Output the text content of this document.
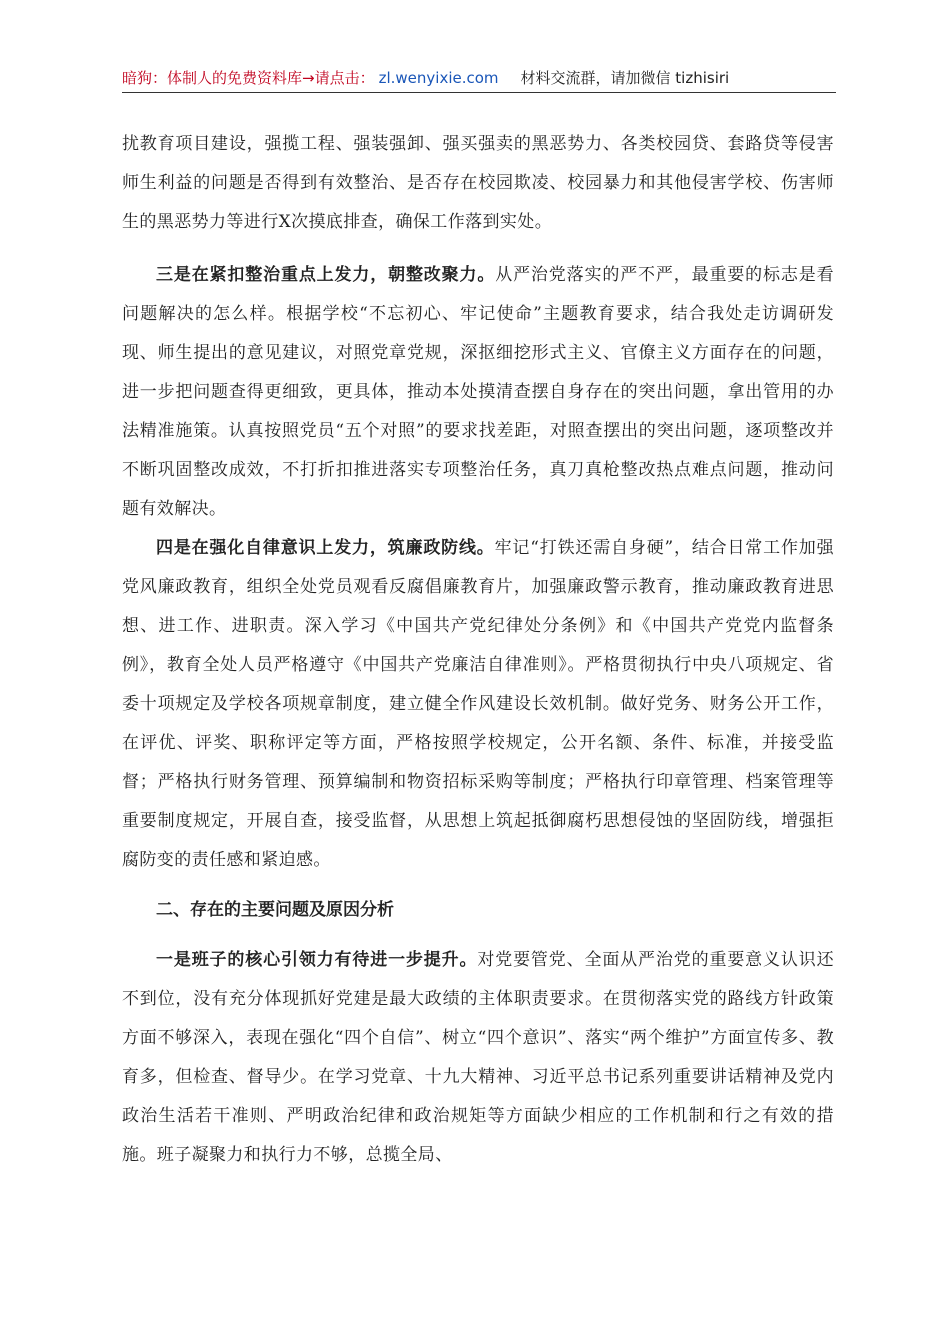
暗狗：体制人的免费资料库 →请点击： zl.wenyixie.com 材料交流群，请加微信 tizhisiri

扰教育项目建设，强揽工程、强装强卸、强买强卖的黑恶势力、各类校园贷、套路贷等侵害师生利益的问题是否得到有效整治、是否存在校园欺凌、校园暴力和其他侵害学校、伤害师生的黑恶势力等进行X次摸底排查，确保工作落到实处。

三是在紧扣整治重点上发力，朝整改聚力。从严治党落实的严不严，最重要的标志是看问题解决的怎么样。根据学校“不忘初心、牢记使命”主题教育要求，结合我处走访调研发现、师生提出的意见建议，对照党章党规，深抠细挖形式主义、官僚主义方面存在的问题，进一步把问题查得更细致，更具体，推动本处摸清查摆自身存在的突出问题，拿出管用的办法精准施策。认真按照党员“五个对照”的要求找差距，对照查摆出的突出问题，逐项整改并不断巩固整改成效，不打折扣推进落实专项整治任务，真刀真枪整改热点难点问题，推动问题有效解决。

四是在强化自律意识上发力，筑廉政防线。牢记“打铁还需自身硬”，结合日常工作加强党风廉政教育，组织全处党员观看反腐倡廉教育片，加强廉政警示教育，推动廉政教育进思想、进工作、进职责。深入学习《中国共产党纪律处分条例》和《中国共产党党内监督条例》，教育全处人员严格遵守《中国共产党廉洁自律准则》。严格贯彻执行中央八项规定、省委十项规定及学校各项规章制度，建立健全作风建设长效机制。做好党务、财务公开工作，在评优、评奖、职称评定等方面，严格按照学校规定，公开名额、条件、标准，并接受监督；严格执行财务管理、预算编制和物资招标采购等制度；严格执行印章管理、档案管理等重要制度规定，开展自查，接受监督，从思想上筑起抵御腐朽思想侵蚀的坚固防线，增强拒腐防变的责任感和紧迫感。

二、存在的主要问题及原因分析

一是班子的核心引领力有待进一步提升。对党要管党、全面从严治党的重要意义认识还不到位，没有充分体现抓好党建是最大政绩的主体职责要求。在贯彻落实党的路线方针政策方面不够深入，表现在强化“四个自信”、树立“四个意识”、落实“两个维护”方面宣传多、教育多，但检查、督导少。在学习党章、十九大精神、习近平总书记系列重要讲话精神及党内政治生活若干准则、严明政治纪律和政治规矩等方面缺少相应的工作机制和行之有效的措施。班子凝聚力和执行力不够，总揽全局、
